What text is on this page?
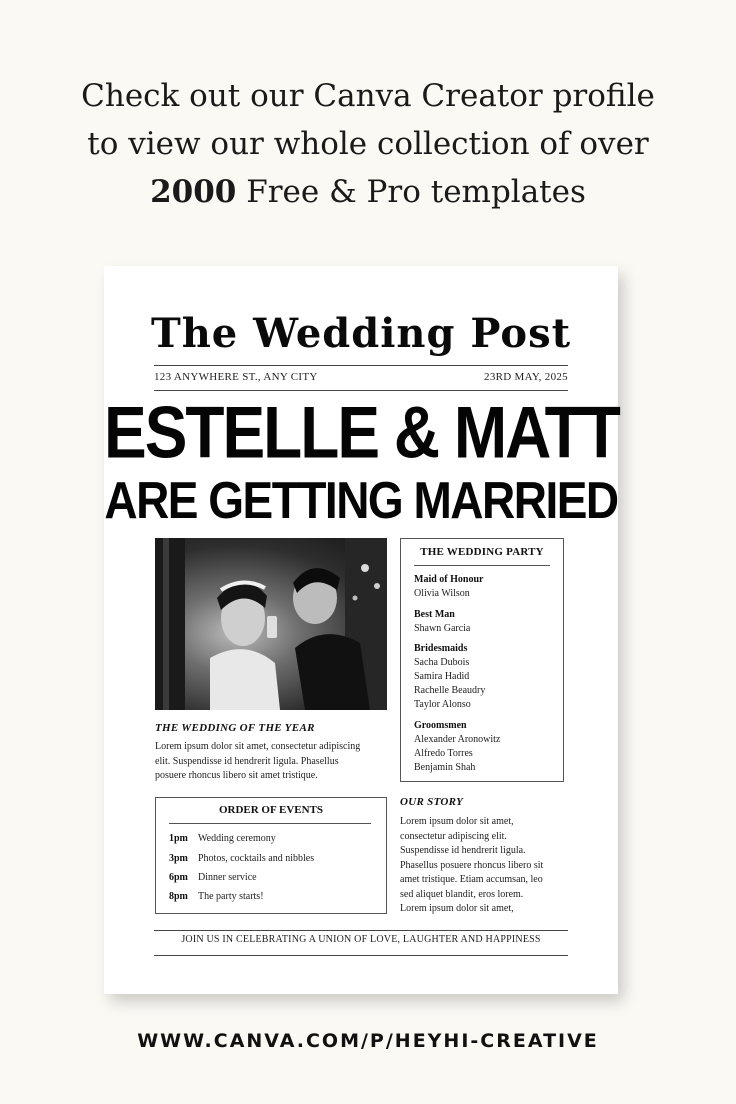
Check out our Canva Creator profile
to view our whole collection of over
2000 Free & Pro templates
The Wedding Post
123 ANYWHERE ST., ANY CITY	23RD MAY, 2025
ESTELLE & MATT
ARE GETTING MARRIED
THE WEDDING OF THE YEAR
Lorem ipsum dolor sit amet, consectetur adipiscing
elit. Suspendisse id hendrerit ligula. Phasellus
posuere rhoncus libero sit amet tristique.
THE WEDDING PARTY
Maid of Honour
Olivia Wilson
Best Man
Shawn Garcia
Bridesmaids
Sacha Dubois
Samira Hadid
Rachelle Beaudry
Taylor Alonso
Groomsmen
Alexander Aronowitz
Alfredo Torres
Benjamin Shah
ORDER OF EVENTS
1pm Wedding ceremony
3pm Photos, cocktails and nibbles
6pm Dinner service
8pm The party starts!
OUR STORY
Lorem ipsum dolor sit amet,
consectetur adipiscing elit.
Suspendisse id hendrerit ligula.
Phasellus posuere rhoncus libero sit
amet tristique. Etiam accumsan, leo
sed aliquet blandit, eros lorem.
Lorem ipsum dolor sit amet,
JOIN US IN CELEBRATING A UNION OF LOVE, LAUGHTER AND HAPPINESS
WWW.CANVA.COM/P/HEYHI-CREATIVE
